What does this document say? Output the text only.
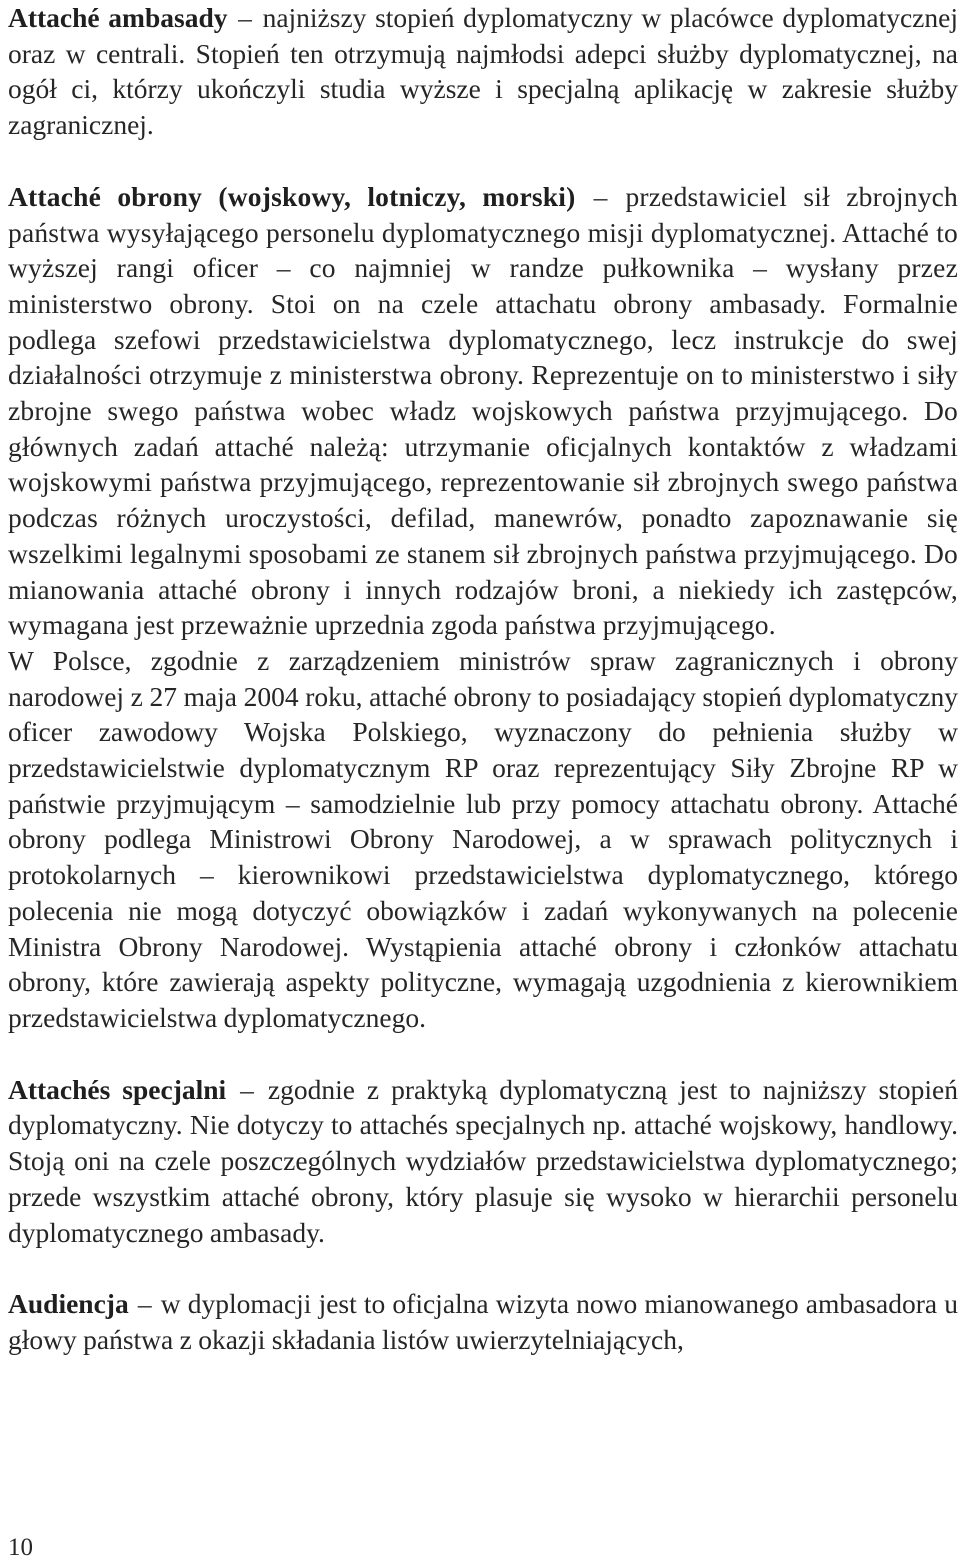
Attaché ambasady – najniższy stopień dyplomatyczny w placówce dyplomatycznej oraz w centrali. Stopień ten otrzymują najmłodsi adepci służby dyplomatycznej, na ogół ci, którzy ukończyli studia wyższe i specjalną aplikację w zakresie służby zagranicznej.

Attaché obrony (wojskowy, lotniczy, morski) – przedstawiciel sił zbrojnych państwa wysyłającego personelu dyplomatycznego misji dyplomatycznej. Attaché to wyższej rangi oficer – co najmniej w randze pułkownika – wysłany przez ministerstwo obrony. Stoi on na czele attachatu obrony ambasady. Formalnie podlega szefowi przedstawicielstwa dyplomatycznego, lecz instrukcje do swej działalności otrzymuje z ministerstwa obrony. Reprezentuje on to ministerstwo i siły zbrojne swego państwa wobec władz wojskowych państwa przyjmującego. Do głównych zadań attaché należą: utrzymanie oficjalnych kontaktów z władzami wojskowymi państwa przyjmującego, reprezentowanie sił zbrojnych swego państwa podczas różnych uroczystości, defilad, manewrów, ponadto zapoznawanie się wszelkimi legalnymi sposobami ze stanem sił zbrojnych państwa przyjmującego. Do mianowania attaché obrony i innych rodzajów broni, a niekiedy ich zastępców, wymagana jest przeważnie uprzednia zgoda państwa przyjmującego.

W Polsce, zgodnie z zarządzeniem ministrów spraw zagranicznych i obrony narodowej z 27 maja 2004 roku, attaché obrony to posiadający stopień dyplomatyczny oficer zawodowy Wojska Polskiego, wyznaczony do pełnienia służby w przedstawicielstwie dyplomatycznym RP oraz reprezentujący Siły Zbrojne RP w państwie przyjmującym – samodzielnie lub przy pomocy attachatu obrony. Attaché obrony podlega Ministrowi Obrony Narodowej, a w sprawach politycznych i protokolarnych – kierownikowi przedstawicielstwa dyplomatycznego, którego polecenia nie mogą dotyczyć obowiązków i zadań wykonywanych na polecenie Ministra Obrony Narodowej. Wystąpienia attaché obrony i członków attachatu obrony, które zawierają aspekty polityczne, wymagają uzgodnienia z kierownikiem przedstawicielstwa dyplomatycznego.

Attachés specjalni – zgodnie z praktyką dyplomatyczną jest to najniższy stopień dyplomatyczny. Nie dotyczy to attachés specjalnych np. attaché wojskowy, handlowy. Stoją oni na czele poszczególnych wydziałów przedstawicielstwa dyplomatycznego; przede wszystkim attaché obrony, który plasuje się wysoko w hierarchii personelu dyplomatycznego ambasady.

Audiencja – w dyplomacji jest to oficjalna wizyta nowo mianowanego ambasadora u głowy państwa z okazji składania listów uwierzytelniających,

10
